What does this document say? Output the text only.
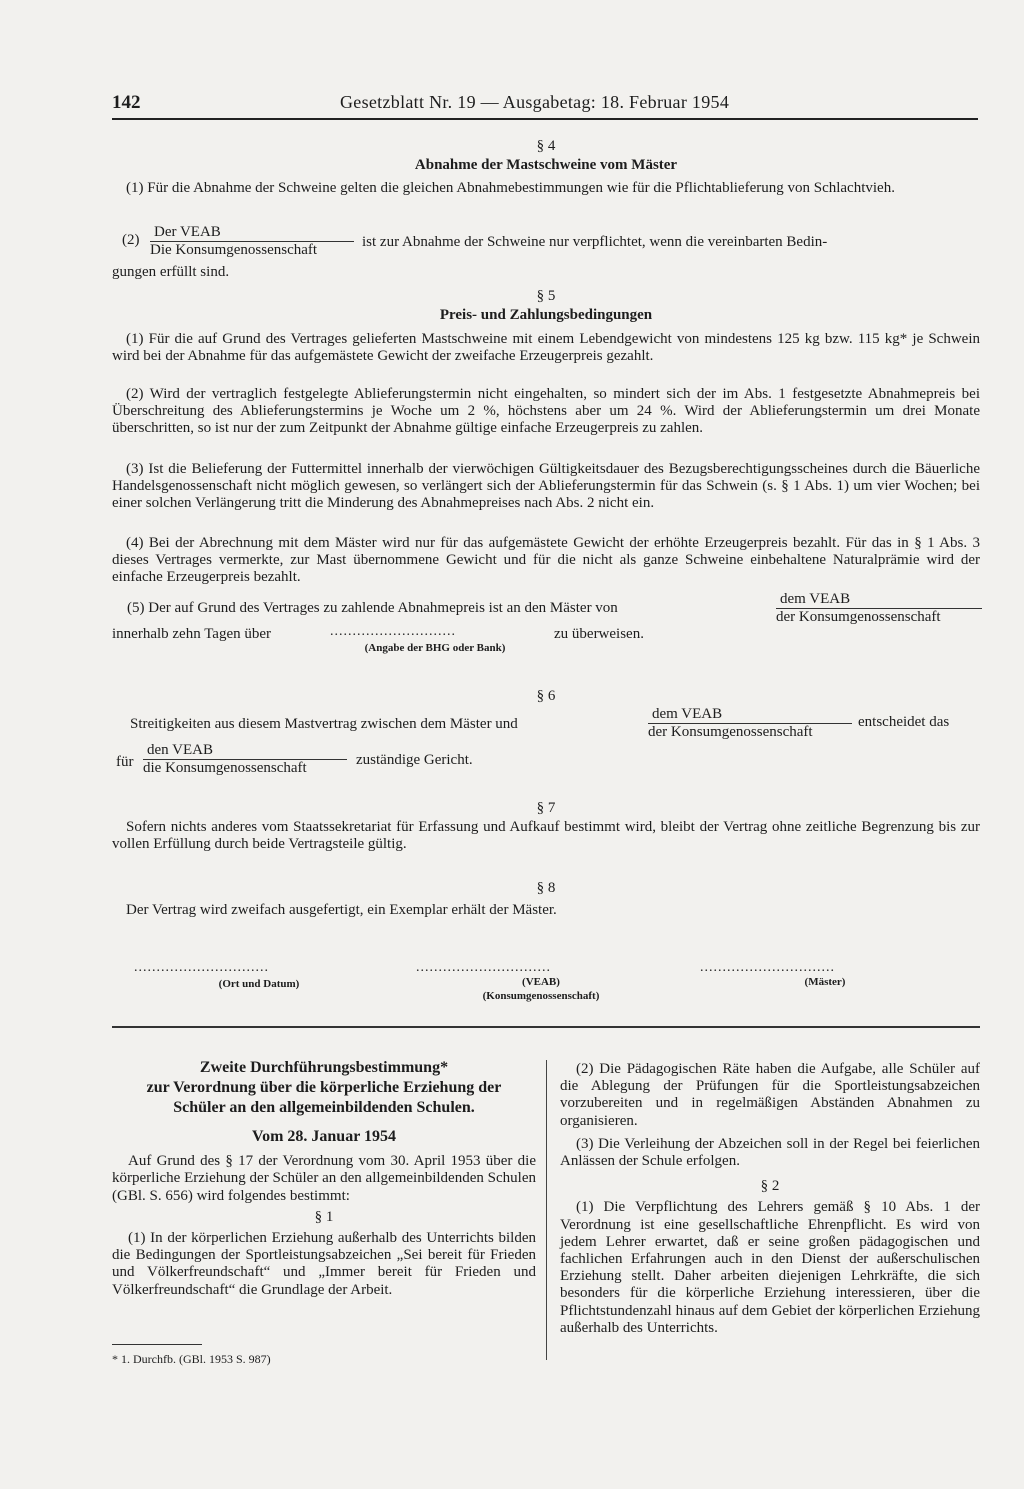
142	Gesetzblatt Nr. 19 — Ausgabetag: 18. Februar 1954
§ 4
Abnahme der Mastschweine vom Mäster

(1) Für die Abnahme der Schweine gelten die gleichen Abnahmebestimmungen wie für die Pflichtablieferung von Schlachtvieh.

(2) Der VEAB
Die Konsumgenossenschaft	ist zur Abnahme der Schweine nur verpflichtet, wenn die vereinbarten Bedin-
gungen erfüllt sind.
§ 5
Preis- und Zahlungsbedingungen

(1) Für die auf Grund des Vertrages gelieferten Mastschweine mit einem Lebendgewicht von mindestens 125 kg bzw. 115 kg* je Schwein wird bei der Abnahme für das aufgemästete Gewicht der zweifache Erzeugerpreis gezahlt.

(2) Wird der vertraglich festgelegte Ablieferungstermin nicht eingehalten, so mindert sich der im Abs. 1 festgesetzte Abnahmepreis bei Überschreitung des Ablieferungstermins je Woche um 2 %, höchstens aber um 24 %. Wird der Ablieferungstermin um drei Monate überschritten, so ist nur der zum Zeitpunkt der Abnahme gültige einfache Erzeugerpreis zu zahlen.

(3) Ist die Belieferung der Futtermittel innerhalb der vierwöchigen Gültigkeitsdauer des Bezugsberechtigungsscheines durch die Bäuerliche Handelsgenossenschaft nicht möglich gewesen, so verlängert sich der Ablieferungstermin für das Schwein (s. § 1 Abs. 1) um vier Wochen; bei einer solchen Verlängerung tritt die Minderung des Abnahmepreises nach Abs. 2 nicht ein.

(4) Bei der Abrechnung mit dem Mäster wird nur für das aufgemästete Gewicht der erhöhte Erzeugerpreis bezahlt. Für das in § 1 Abs. 3 dieses Vertrages vermerkte, zur Mast übernommene Gewicht und für die nicht als ganze Schweine einbehaltene Naturalprämie wird der einfache Erzeugerpreis bezahlt.

(5) Der auf Grund des Vertrages zu zahlende Abnahmepreis ist an den Mäster von
dem VEAB
der Konsumgenossenschaft
innerhalb zehn Tagen über	............................	zu überweisen.
(Angabe der BHG oder Bank)
§ 6
Streitigkeiten aus diesem Mastvertrag zwischen dem Mäster und
dem VEAB
der Konsumgenossenschaft
entscheidet das
für
den VEAB
die Konsumgenossenschaft	zuständige Gericht.
§ 7

Sofern nichts anderes vom Staatssekretariat für Erfassung und Aufkauf bestimmt wird, bleibt der Vertrag ohne zeitliche Begrenzung bis zur vollen Erfüllung durch beide Vertragsteile gültig.

§ 8

Der Vertrag wird zweifach ausgefertigt, ein Exemplar erhält der Mäster.

..............................	..............................	..............................
(Ort und Datum)	(VEAB)
(Konsumgenossenschaft)
(Mäster)

Zweite Durchführungsbestimmung*

zur Verordnung über die körperliche Erziehung der

Schüler an den allgemeinbildenden Schulen.

Vom 28. Januar 1954

Auf Grund des § 17 der Verordnung vom 30. April 1953 über die körperliche Erziehung der Schüler an den allgemeinbildenden Schulen (GBl. S. 656) wird folgendes bestimmt:

§ 1

(1) In der körperlichen Erziehung außerhalb des Unterrichts bilden die Bedingungen der Sportleistungsabzeichen „Sei bereit für Frieden und Völkerfreundschaft“ und „Immer bereit für Frieden und Völkerfreundschaft“ die Grundlage der Arbeit.

* 1. Durchfb. (GBl. 1953 S. 987)

(2) Die Pädagogischen Räte haben die Aufgabe, alle Schüler auf die Ablegung der Prüfungen für die Sportleistungsabzeichen vorzubereiten und in regelmäßigen Abständen Abnahmen zu organisieren.

(3) Die Verleihung der Abzeichen soll in der Regel bei feierlichen Anlässen der Schule erfolgen.

§ 2

(1) Die Verpflichtung des Lehrers gemäß § 10 Abs. 1 der Verordnung ist eine gesellschaftliche Ehrenpflicht. Es wird von jedem Lehrer erwartet, daß er seine großen pädagogischen und fachlichen Erfahrungen auch in den Dienst der außerschulischen Erziehung stellt. Daher arbeiten diejenigen Lehrkräfte, die sich besonders für die körperliche Erziehung interessieren, über die Pflichtstundenzahl hinaus auf dem Gebiet der körperlichen Erziehung außerhalb des Unterrichts.
